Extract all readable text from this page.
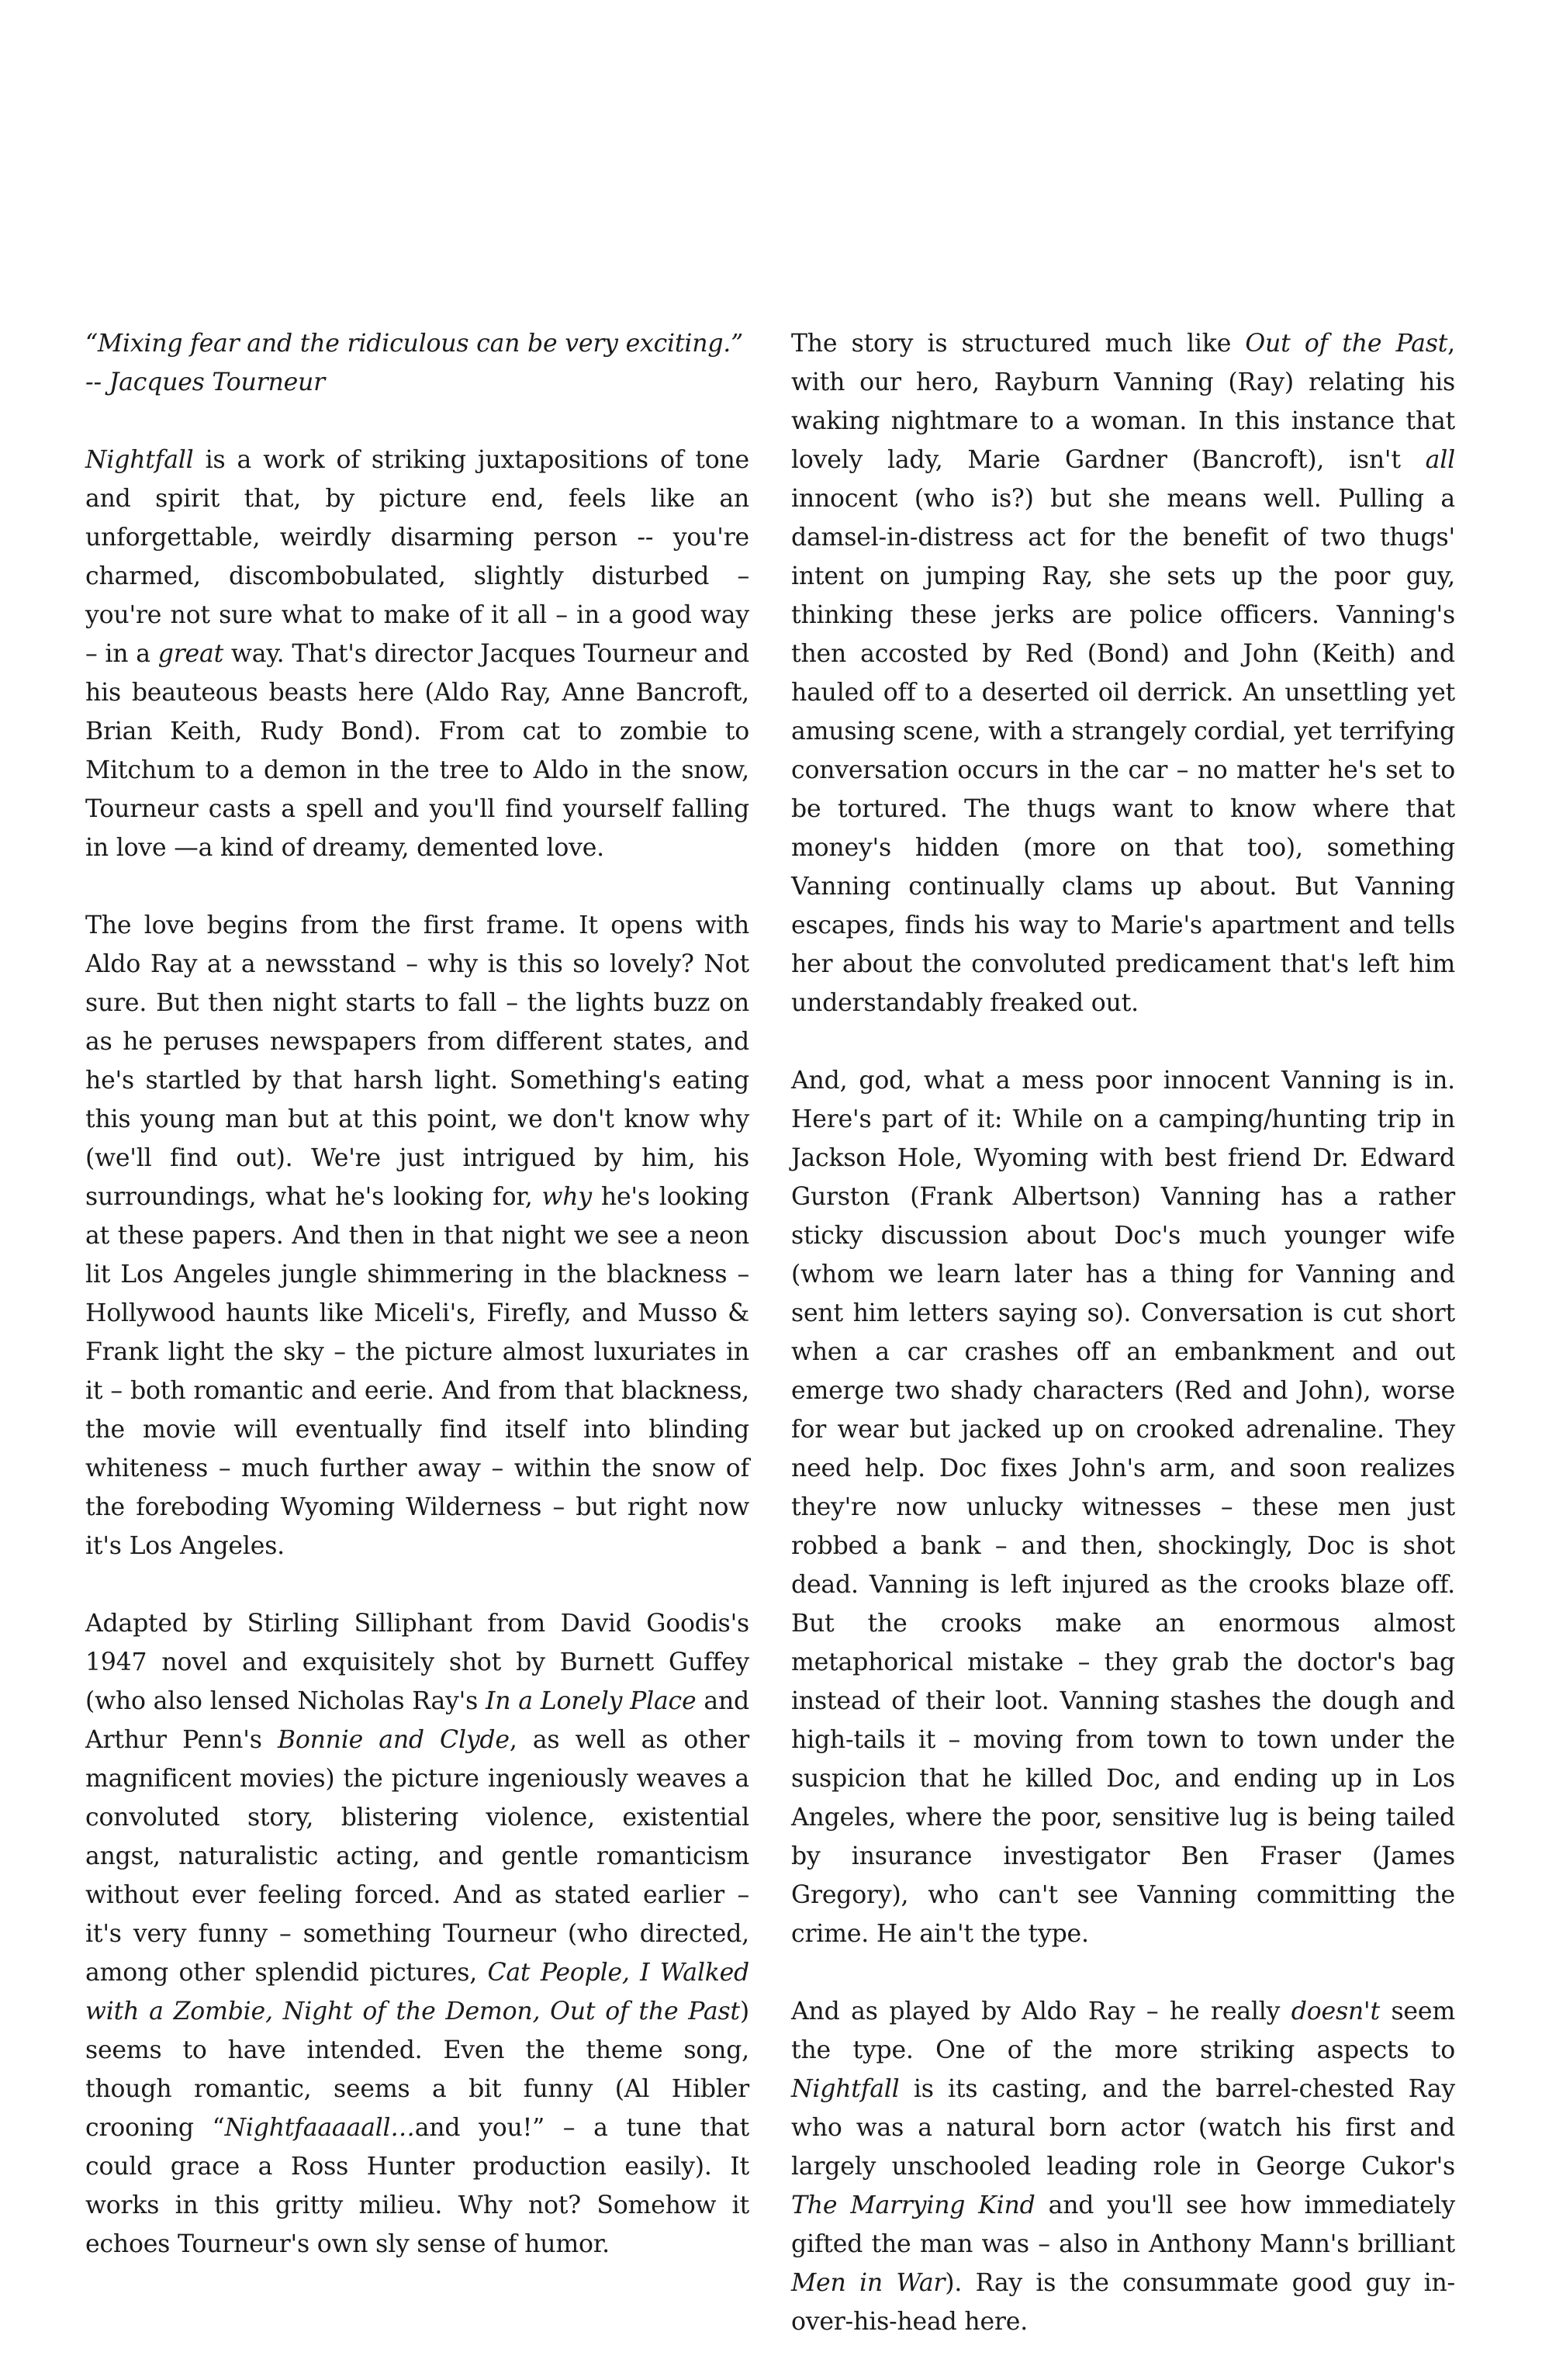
“Mixing fear and the ridiculous can be very exciting.”
-- Jacques Tourneur

Nightfall is a work of striking juxtapositions of tone and spirit that, by picture end, feels like an unforgettable, weirdly disarming person -- you're charmed, discombobulated, slightly disturbed – you're not sure what to make of it all – in a good way – in a great way. That's director Jacques Tourneur and his beauteous beasts here (Aldo Ray, Anne Bancroft, Brian Keith, Rudy Bond). From cat to zombie to Mitchum to a demon in the tree to Aldo in the snow, Tourneur casts a spell and you'll find yourself falling in love —a kind of dreamy, demented love.

The love begins from the first frame. It opens with Aldo Ray at a newsstand – why is this so lovely? Not sure. But then night starts to fall – the lights buzz on as he peruses newspapers from different states, and he's startled by that harsh light. Something's eating this young man but at this point, we don't know why (we'll find out). We're just intrigued by him, his surroundings, what he's looking for, why he's looking at these papers. And then in that night we see a neon lit Los Angeles jungle shimmering in the blackness – Hollywood haunts like Miceli's, Firefly, and Musso & Frank light the sky – the picture almost luxuriates in it – both romantic and eerie. And from that blackness, the movie will eventually find itself into blinding whiteness – much further away – within the snow of the foreboding Wyoming Wilderness – but right now it's Los Angeles.

Adapted by Stirling Silliphant from David Goodis's 1947 novel and exquisitely shot by Burnett Guffey (who also lensed Nicholas Ray's In a Lonely Place and Arthur Penn's Bonnie and Clyde, as well as other magnificent movies) the picture ingeniously weaves a convoluted story, blistering violence, existential angst, naturalistic acting, and gentle romanticism without ever feeling forced. And as stated earlier – it's very funny – something Tourneur (who directed, among other splendid pictures, Cat People, I Walked with a Zombie, Night of the Demon, Out of the Past) seems to have intended. Even the theme song, though romantic, seems a bit funny (Al Hibler crooning “Nightfaaaaall…and you!” – a tune that could grace a Ross Hunter production easily). It works in this gritty milieu. Why not? Somehow it echoes Tourneur's own sly sense of humor.

The story is structured much like Out of the Past, with our hero, Rayburn Vanning (Ray) relating his waking nightmare to a woman. In this instance that lovely lady, Marie Gardner (Bancroft), isn't all innocent (who is?) but she means well. Pulling a damsel-in-distress act for the benefit of two thugs' intent on jumping Ray, she sets up the poor guy, thinking these jerks are police officers. Vanning's then accosted by Red (Bond) and John (Keith) and hauled off to a deserted oil derrick. An unsettling yet amusing scene, with a strangely cordial, yet terrifying conversation occurs in the car – no matter he's set to be tortured. The thugs want to know where that money's hidden (more on that too), something Vanning continually clams up about. But Vanning escapes, finds his way to Marie's apartment and tells her about the convoluted predicament that's left him understandably freaked out.

And, god, what a mess poor innocent Vanning is in. Here's part of it: While on a camping/hunting trip in Jackson Hole, Wyoming with best friend Dr. Edward Gurston (Frank Albertson) Vanning has a rather sticky discussion about Doc's much younger wife (whom we learn later has a thing for Vanning and sent him letters saying so). Conversation is cut short when a car crashes off an embankment and out emerge two shady characters (Red and John), worse for wear but jacked up on crooked adrenaline. They need help. Doc fixes John's arm, and soon realizes they're now unlucky witnesses – these men just robbed a bank – and then, shockingly, Doc is shot dead. Vanning is left injured as the crooks blaze off. But the crooks make an enormous almost metaphorical mistake – they grab the doctor's bag instead of their loot. Vanning stashes the dough and high-tails it – moving from town to town under the suspicion that he killed Doc, and ending up in Los Angeles, where the poor, sensitive lug is being tailed by insurance investigator Ben Fraser (James Gregory), who can't see Vanning committing the crime. He ain't the type.

And as played by Aldo Ray – he really doesn't seem the type. One of the more striking aspects to Nightfall is its casting, and the barrel-chested Ray who was a natural born actor (watch his first and largely unschooled leading role in George Cukor's The Marrying Kind and you'll see how immediately gifted the man was – also in Anthony Mann's brilliant Men in War). Ray is the consummate good guy in-over-his-head here.
